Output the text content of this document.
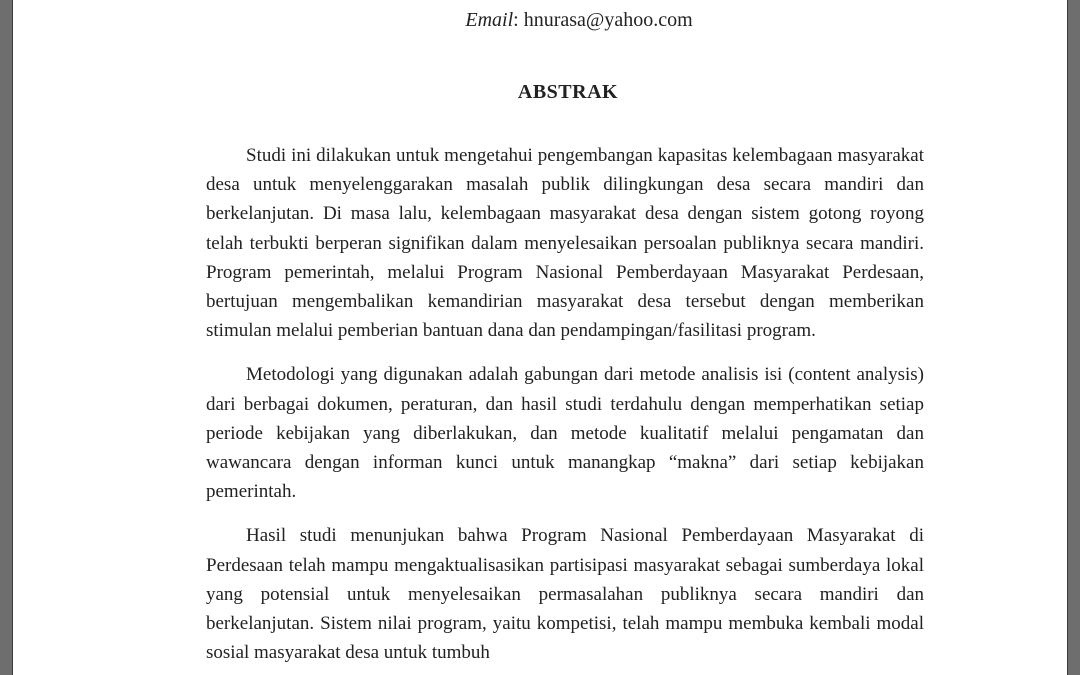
Email: hnurasa@yahoo.com
ABSTRAK

Studi ini dilakukan untuk mengetahui pengembangan kapasitas kelembagaan masyarakat desa untuk menyelenggarakan masalah publik dilingkungan desa secara mandiri dan berkelanjutan. Di masa lalu, kelembagaan masyarakat desa dengan sistem gotong royong telah terbukti berperan signifikan dalam menyelesaikan persoalan publiknya secara mandiri. Program pemerintah, melalui Program Nasional Pemberdayaan Masyarakat Perdesaan, bertujuan mengembalikan kemandirian masyarakat desa tersebut dengan memberikan stimulan melalui pemberian bantuan dana dan pendampingan/fasilitasi program.

Metodologi yang digunakan adalah gabungan dari metode analisis isi (content analysis) dari berbagai dokumen, peraturan, dan hasil studi terdahulu dengan memperhatikan setiap periode kebijakan yang diberlakukan, dan metode kualitatif melalui pengamatan dan wawancara dengan informan kunci untuk manangkap “makna” dari setiap kebijakan pemerintah.

Hasil studi menunjukan bahwa Program Nasional Pemberdayaan Masyarakat di Perdesaan telah mampu mengaktualisasikan partisipasi masyarakat sebagai sumberdaya lokal yang potensial untuk menyelesaikan permasalahan publiknya secara mandiri dan berkelanjutan. Sistem nilai program, yaitu kompetisi, telah mampu membuka kembali modal sosial masyarakat desa untuk tumbuh
